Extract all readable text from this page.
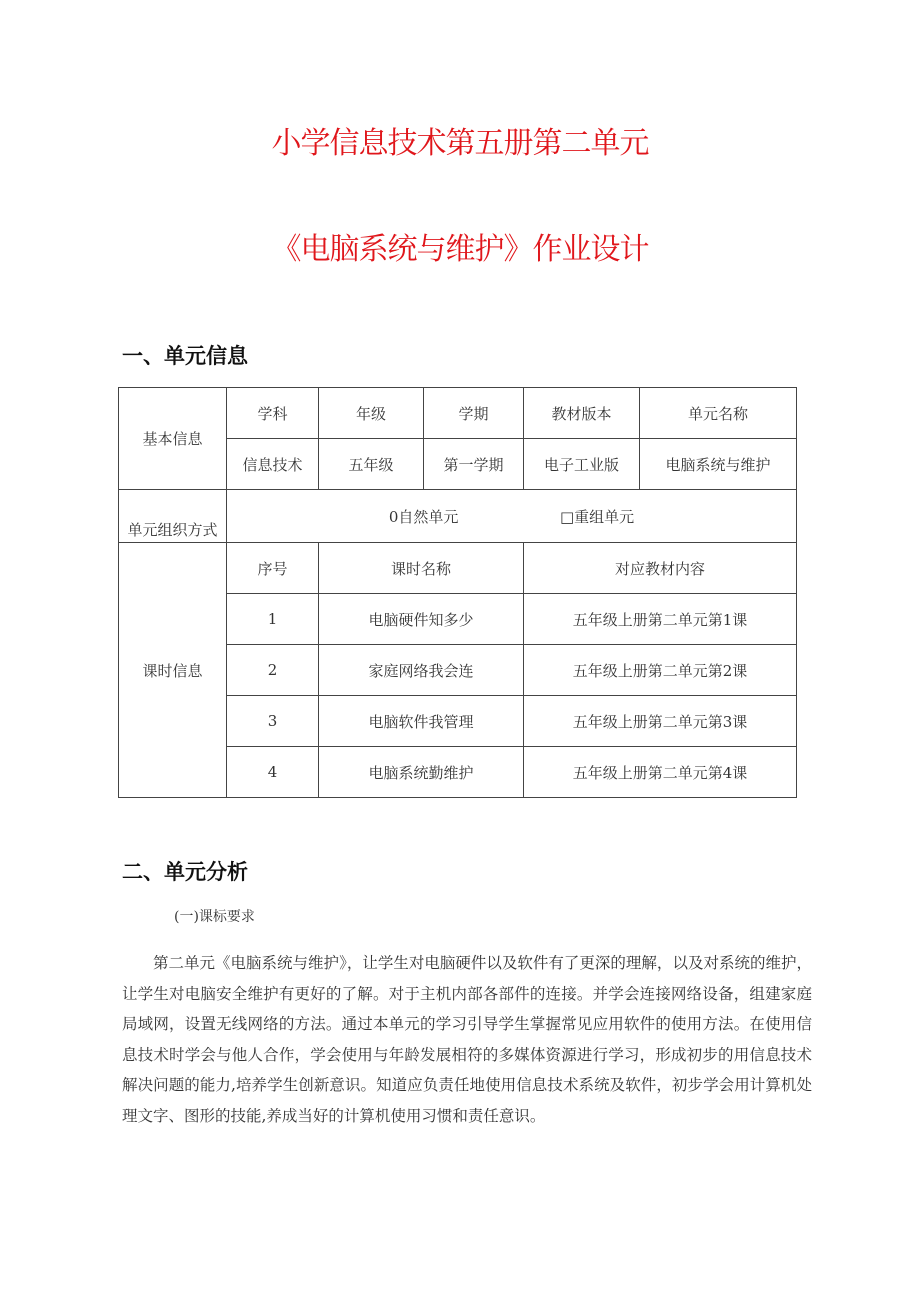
小学信息技术第五册第二单元
《电脑系统与维护》作业设计
一、单元信息
基本信息	学科	年级	学期	教材版本	单元名称
	信息技术	五年级	第一学期	电子工业版	电脑系统与维护
单元组织方式	0自然单元 □重组单元				
课时信息	序号	课时名称		对应教材内容	
	1	电脑硬件知多少		五年级上册第二单元第1课	
	2	家庭网络我会连		五年级上册第二单元第2课	
	3	电脑软件我管理		五年级上册第二单元第3课	
	4	电脑系统勤维护		五年级上册第二单元第4课	
二、单元分析
(一)课标要求

第二单元《电脑系统与维护》，让学生对电脑硬件以及软件有了更深的理解，以及对系统的维护，让学生对电脑安全维护有更好的了解。对于主机内部各部件的连接。并学会连接网络设备，组建家庭局域网，设置无线网络的方法。通过本单元的学习引导学生掌握常见应用软件的使用方法。在使用信息技术时学会与他人合作，学会使用与年龄发展相符的多媒体资源进行学习，形成初步的用信息技术解决问题的能力,培养学生创新意识。知道应负责任地使用信息技术系统及软件，初步学会用计算机处理文字、图形的技能,养成当好的计算机使用习惯和责任意识。
